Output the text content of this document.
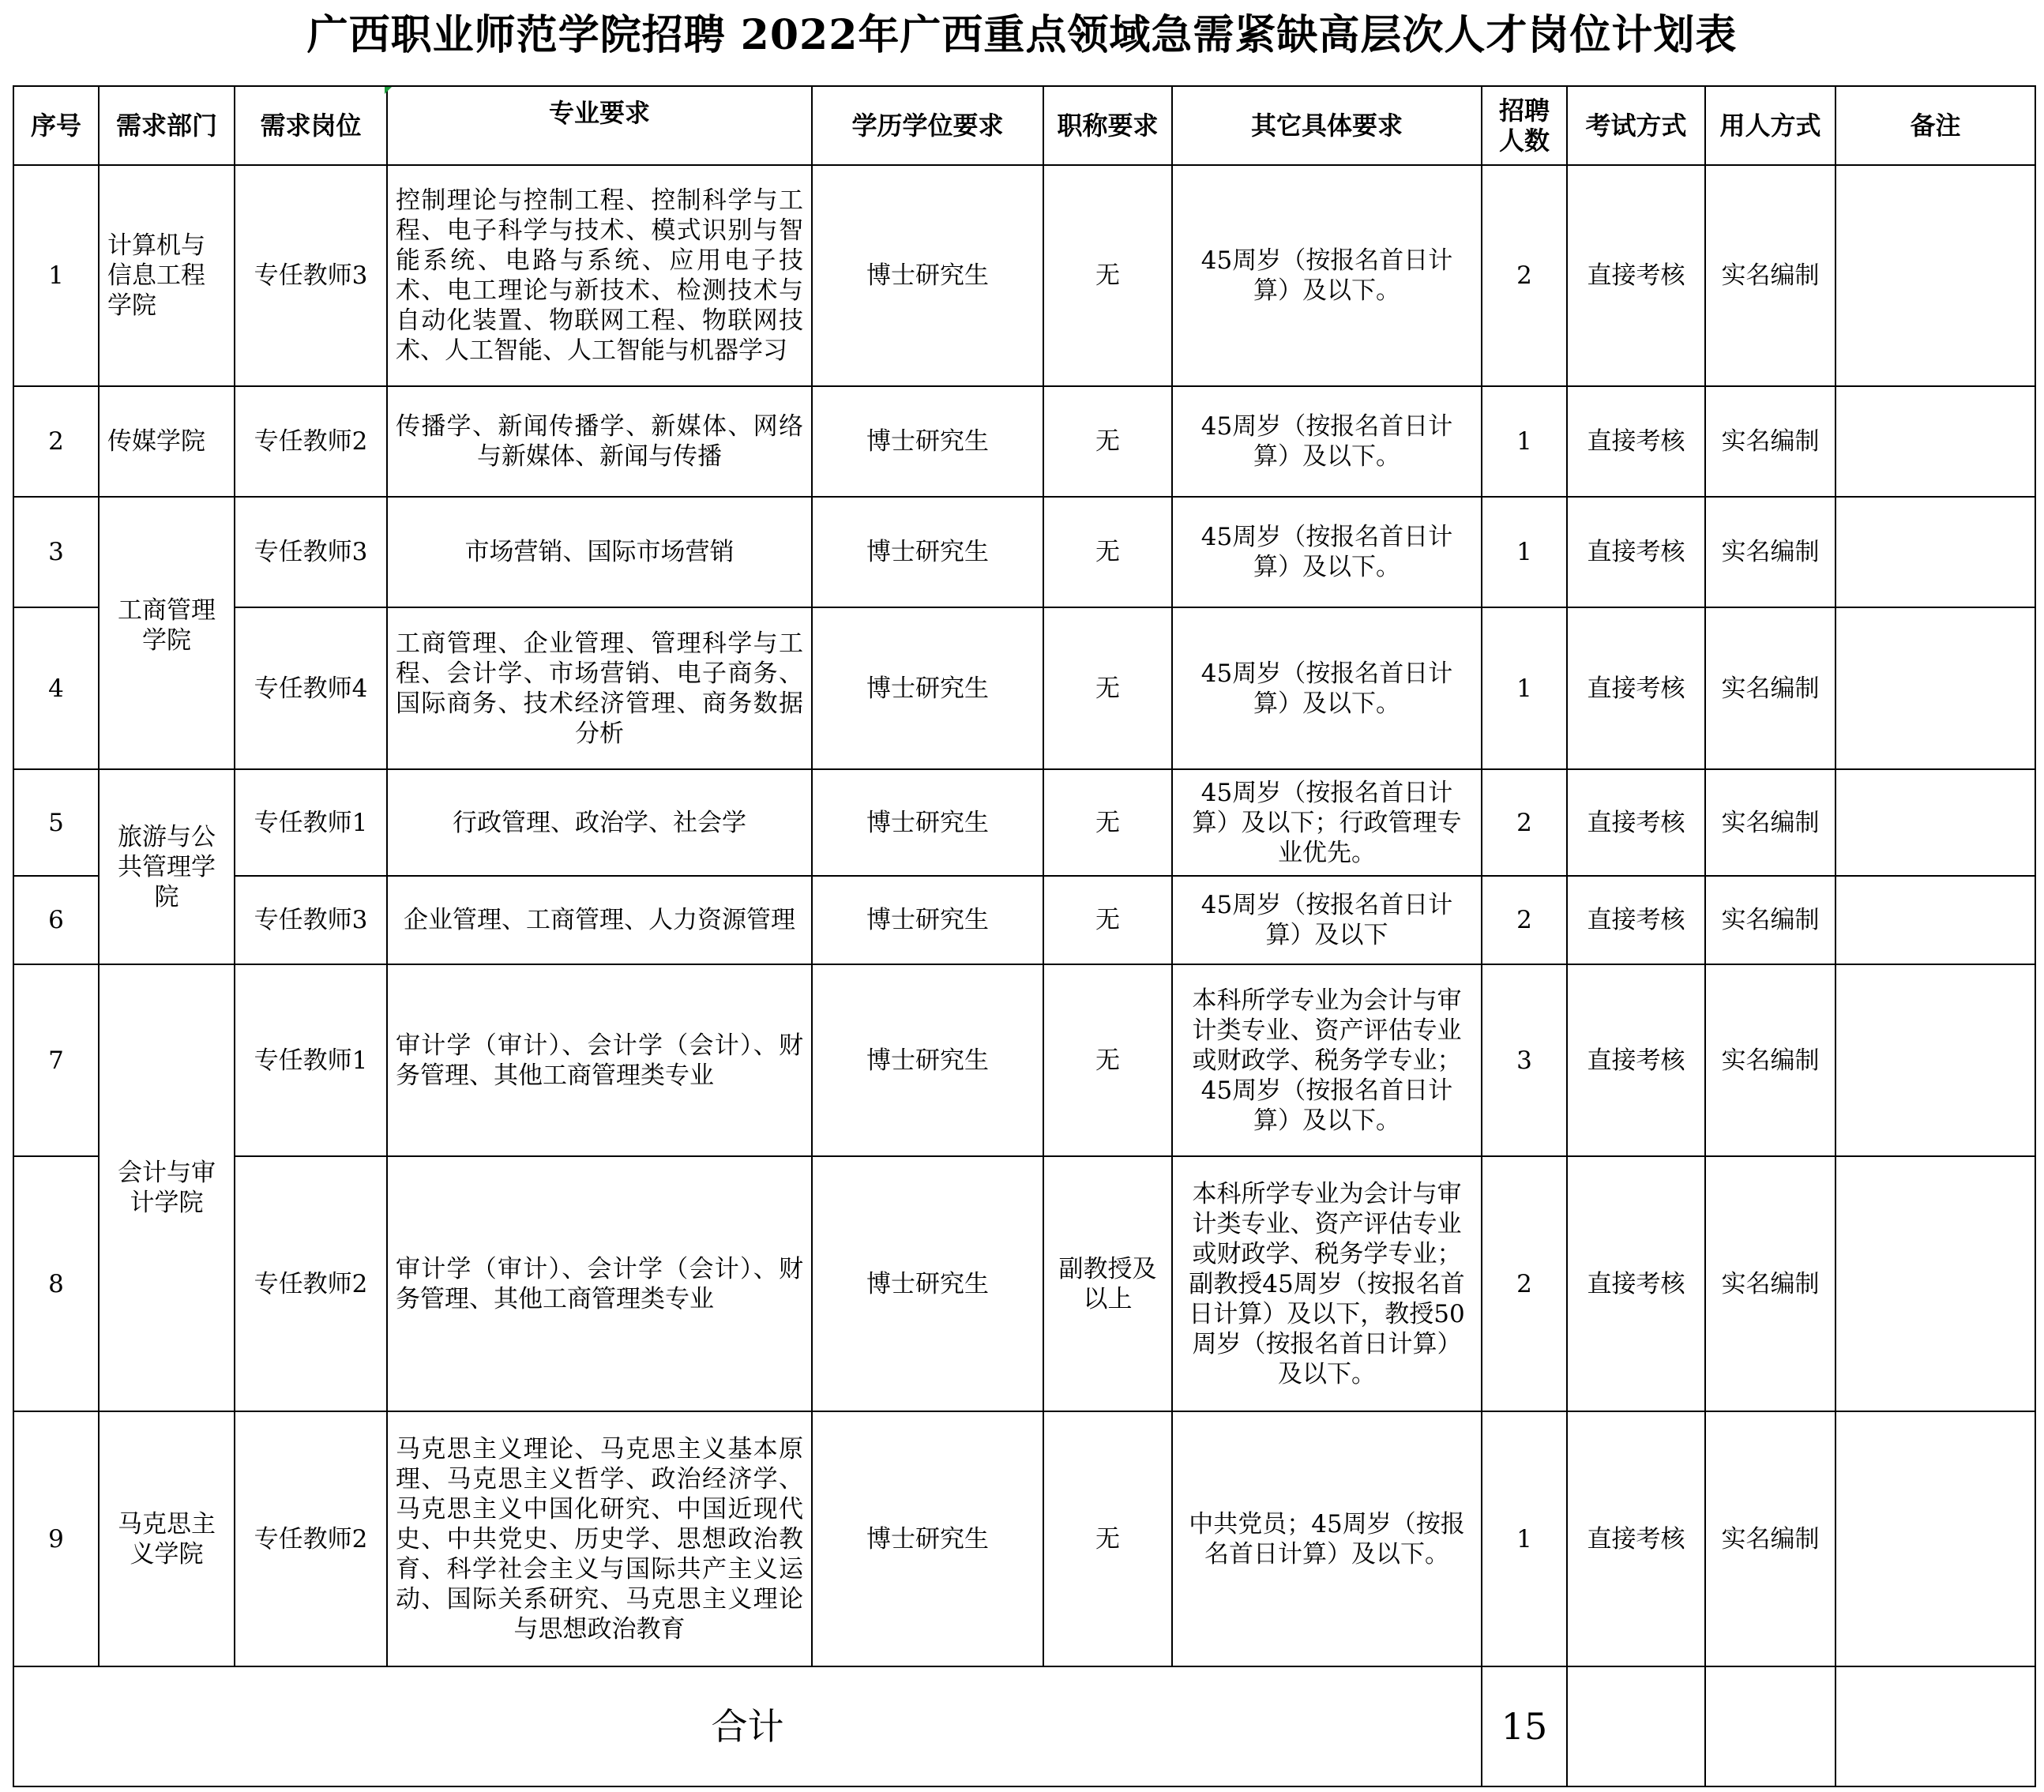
广西职业师范学院招聘 2022年广西重点领域急需紧缺高层次人才岗位计划表
序号	需求部门	需求岗位	专业要求	学历学位要求	职称要求	其它具体要求	招聘人数	考试方式	用人方式	备注
1	计算机与信息工程学院	专任教师3	控制理论与控制工程、控制科学与工程、电子科学与技术、模式识别与智能系统、电路与系统、应用电子技术、电工理论与新技术、检测技术与自动化装置、物联网工程、物联网技术、人工智能、人工智能与机器学习	博士研究生	无	45周岁（按报名首日计算）及以下。	2	直接考核	实名编制	
2	传媒学院	专任教师2	传播学、新闻传播学、新媒体、网络与新媒体、新闻与传播	博士研究生	无	45周岁（按报名首日计算）及以下。	1	直接考核	实名编制	
3	工商管理学院	专任教师3	市场营销、国际市场营销	博士研究生	无	45周岁（按报名首日计算）及以下。	1	直接考核	实名编制	
4		专任教师4	工商管理、企业管理、管理科学与工程、会计学、市场营销、电子商务、国际商务、技术经济管理、商务数据分析	博士研究生	无	45周岁（按报名首日计算）及以下。	1	直接考核	实名编制	
5	旅游与公共管理学院	专任教师1	行政管理、政治学、社会学	博士研究生	无	45周岁（按报名首日计算）及以下；行政管理专业优先。	2	直接考核	实名编制	
6		专任教师3	企业管理、工商管理、人力资源管理	博士研究生	无	45周岁（按报名首日计算）及以下	2	直接考核	实名编制	
7	会计与审计学院	专任教师1	审计学（审计）、会计学（会计）、财务管理、其他工商管理类专业	博士研究生	无	本科所学专业为会计与审计类专业、资产评估专业或财政学、税务学专业；45周岁（按报名首日计算）及以下。	3	直接考核	实名编制	
8		专任教师2	审计学（审计）、会计学（会计）、财务管理、其他工商管理类专业	博士研究生	副教授及以上	本科所学专业为会计与审计类专业、资产评估专业或财政学、税务学专业；副教授45周岁（按报名首日计算）及以下，教授50周岁（按报名首日计算）及以下。	2	直接考核	实名编制	
9	马克思主义学院	专任教师2	马克思主义理论、马克思主义基本原理、马克思主义哲学、政治经济学、马克思主义中国化研究、中国近现代史、中共党史、历史学、思想政治教育、科学社会主义与国际共产主义运动、国际关系研究、马克思主义理论与思想政治教育	博士研究生	无	中共党员；45周岁（按报名首日计算）及以下。	1	直接考核	实名编制	
合计							15			
